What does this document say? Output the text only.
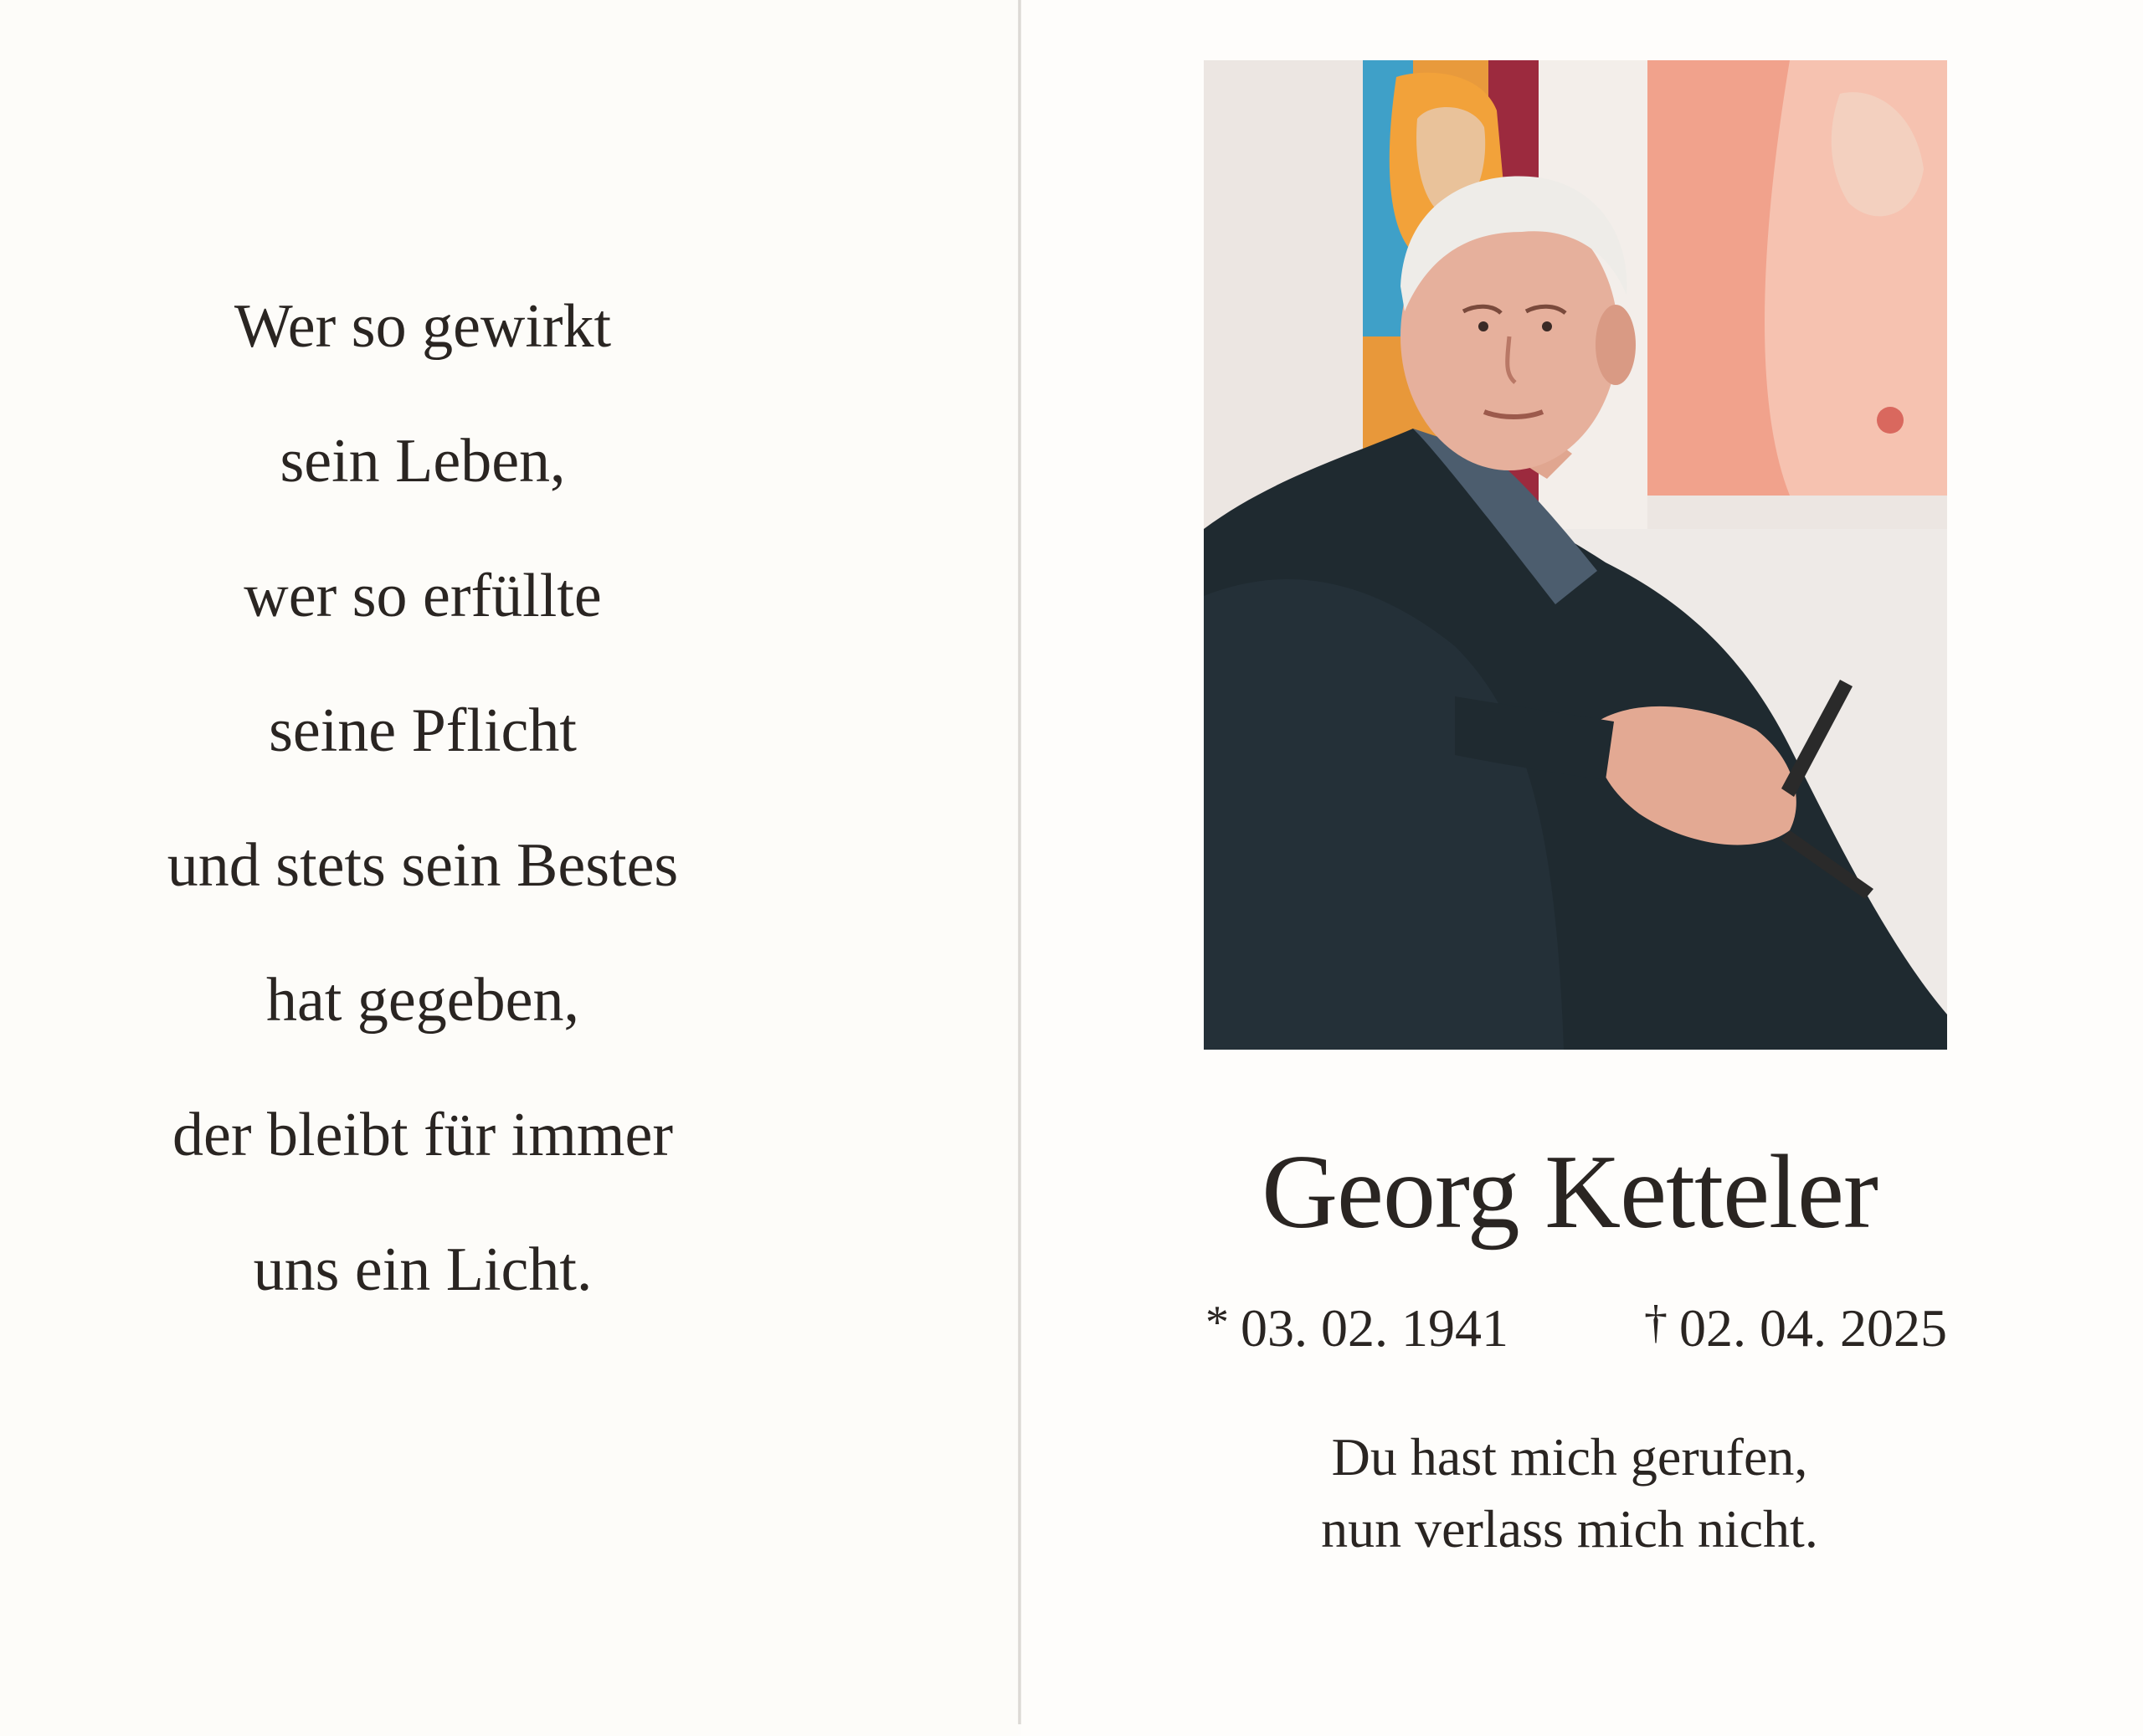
Wer so gewirkt
sein Leben,
wer so erfüllte
seine Pflicht
und stets sein Bestes
hat gegeben,
der bleibt für immer
uns ein Licht.
Georg Ketteler
* 03. 02. 1941	† 02. 04. 2025
Du hast mich gerufen,
nun verlass mich nicht.
